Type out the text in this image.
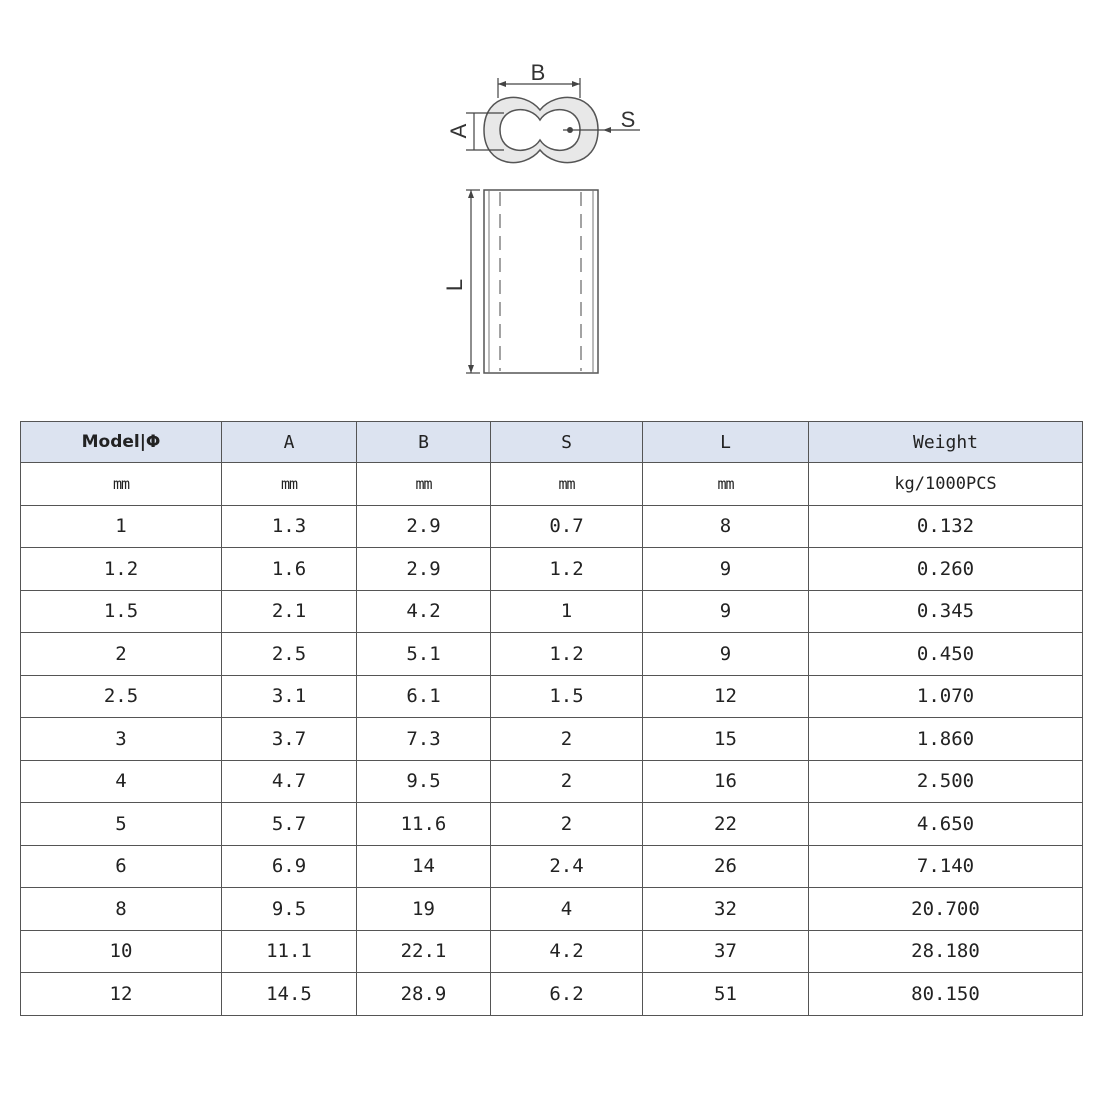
B
A	S
L
Model|Φ	A	B	S	L	Weight
mm	mm	mm	mm	mm	kg/1000PCS
1	1.3	2.9	0.7	8	0.132
1.2	1.6	2.9	1.2	9	0.260
1.5	2.1	4.2	1	9	0.345
2	2.5	5.1	1.2	9	0.450
2.5	3.1	6.1	1.5	12	1.070
3	3.7	7.3	2	15	1.860
4	4.7	9.5	2	16	2.500
5	5.7	11.6	2	22	4.650
6	6.9	14	2.4	26	7.140
8	9.5	19	4	32	20.700
10	11.1	22.1	4.2	37	28.180
12	14.5	28.9	6.2	51	80.150
